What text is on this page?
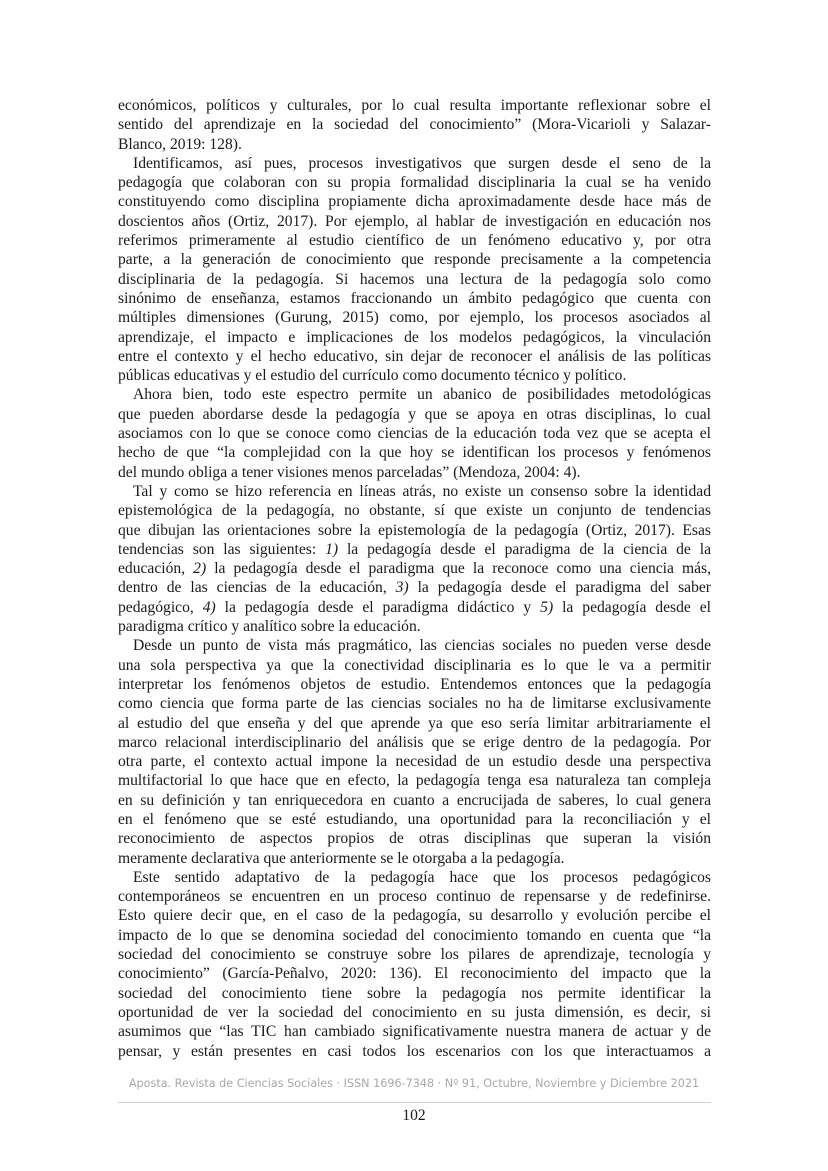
económicos, políticos y culturales, por lo cual resulta importante reflexionar sobre el
sentido del aprendizaje en la sociedad del conocimiento” (Mora-Vicarioli y Salazar-
Blanco, 2019: 128).
Identificamos, así pues, procesos investigativos que surgen desde el seno de la
pedagogía que colaboran con su propia formalidad disciplinaria la cual se ha venido
constituyendo como disciplina propiamente dicha aproximadamente desde hace más de
doscientos años (Ortiz, 2017). Por ejemplo, al hablar de investigación en educación nos
referimos primeramente al estudio científico de un fenómeno educativo y, por otra
parte, a la generación de conocimiento que responde precisamente a la competencia
disciplinaria de la pedagogía. Si hacemos una lectura de la pedagogía solo como
sinónimo de enseñanza, estamos fraccionando un ámbito pedagógico que cuenta con
múltiples dimensiones (Gurung, 2015) como, por ejemplo, los procesos asociados al
aprendizaje, el impacto e implicaciones de los modelos pedagógicos, la vinculación
entre el contexto y el hecho educativo, sin dejar de reconocer el análisis de las políticas
públicas educativas y el estudio del currículo como documento técnico y político.
Ahora bien, todo este espectro permite un abanico de posibilidades metodológicas
que pueden abordarse desde la pedagogía y que se apoya en otras disciplinas, lo cual
asociamos con lo que se conoce como ciencias de la educación toda vez que se acepta el
hecho de que “la complejidad con la que hoy se identifican los procesos y fenómenos
del mundo obliga a tener visiones menos parceladas” (Mendoza, 2004: 4).
Tal y como se hizo referencia en líneas atrás, no existe un consenso sobre la identidad
epistemológica de la pedagogía, no obstante, sí que existe un conjunto de tendencias
que dibujan las orientaciones sobre la epistemología de la pedagogía (Ortiz, 2017). Esas
tendencias son las siguientes: 1) la pedagogía desde el paradigma de la ciencia de la
educación, 2) la pedagogía desde el paradigma que la reconoce como una ciencia más,
dentro de las ciencias de la educación, 3) la pedagogía desde el paradigma del saber
pedagógico, 4) la pedagogía desde el paradigma didáctico y 5) la pedagogía desde el
paradigma crítico y analítico sobre la educación.
Desde un punto de vista más pragmático, las ciencias sociales no pueden verse desde
una sola perspectiva ya que la conectividad disciplinaria es lo que le va a permitir
interpretar los fenómenos objetos de estudio. Entendemos entonces que la pedagogía
como ciencia que forma parte de las ciencias sociales no ha de limitarse exclusivamente
al estudio del que enseña y del que aprende ya que eso sería limitar arbitrariamente el
marco relacional interdisciplinario del análisis que se erige dentro de la pedagogía. Por
otra parte, el contexto actual impone la necesidad de un estudio desde una perspectiva
multifactorial lo que hace que en efecto, la pedagogía tenga esa naturaleza tan compleja
en su definición y tan enriquecedora en cuanto a encrucijada de saberes, lo cual genera
en el fenómeno que se esté estudiando, una oportunidad para la reconciliación y el
reconocimiento de aspectos propios de otras disciplinas que superan la visión
meramente declarativa que anteriormente se le otorgaba a la pedagogía.
Este sentido adaptativo de la pedagogía hace que los procesos pedagógicos
contemporáneos se encuentren en un proceso continuo de repensarse y de redefinirse.
Esto quiere decir que, en el caso de la pedagogía, su desarrollo y evolución percibe el
impacto de lo que se denomina sociedad del conocimiento tomando en cuenta que “la
sociedad del conocimiento se construye sobre los pilares de aprendizaje, tecnología y
conocimiento” (García-Peñalvo, 2020: 136). El reconocimiento del impacto que la
sociedad del conocimiento tiene sobre la pedagogía nos permite identificar la
oportunidad de ver la sociedad del conocimiento en su justa dimensión, es decir, si
asumimos que “las TIC han cambiado significativamente nuestra manera de actuar y de
pensar, y están presentes en casi todos los escenarios con los que interactuamos a
Aposta. Revista de Ciencias Sociales · ISSN 1696-7348 · Nº 91, Octubre, Noviembre y Diciembre 2021
102
